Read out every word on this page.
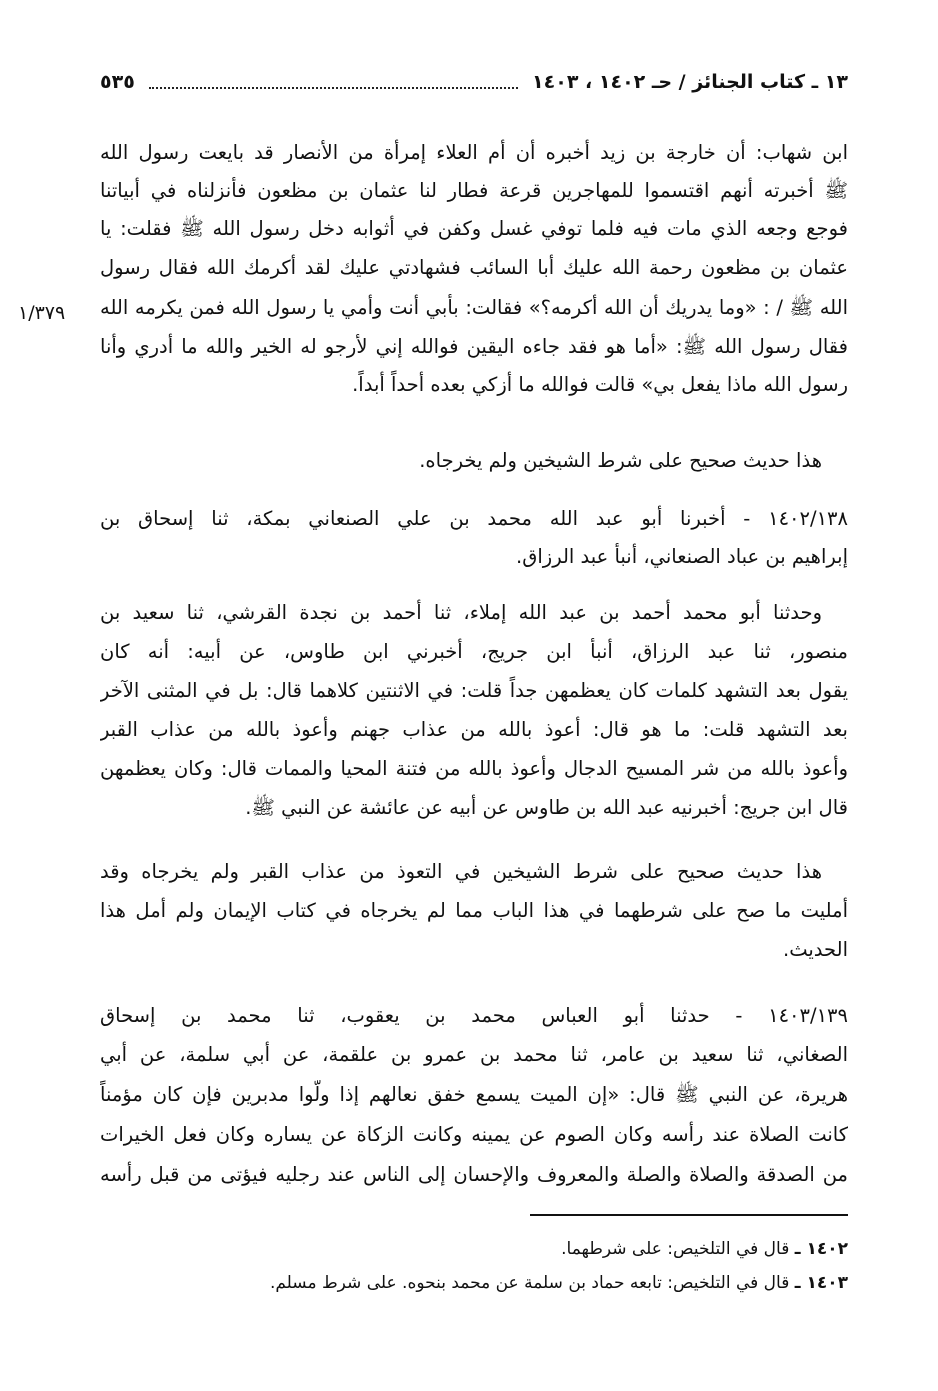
١٣ ـ كتاب الجنائز / حـ ١٤٠٢ ، ١٤٠٣
٥٣٥
١/٣٧٩
ابن شهاب: أن خارجة بن زيد أخبره أن أم العلاء إمرأة من الأنصار قد بايعت رسول الله
ﷺ أخبرته أنهم اقتسموا للمهاجرين قرعة فطار لنا عثمان بن مظعون فأنزلناه في أبياتنا
فوجع وجعه الذي مات فيه فلما توفي غسل وكفن في أثوابه دخل رسول الله ﷺ فقلت: يا
عثمان بن مظعون رحمة الله عليك أبا السائب فشهادتي عليك لقد أكرمك الله فقال رسول
الله ﷺ / : «وما يدريك أن الله أكرمه؟» فقالت: بأبي أنت وأمي يا رسول الله فمن يكرمه الله
فقال رسول الله ﷺ: «أما هو فقد جاءه اليقين فوالله إني لأرجو له الخير والله ما أدري وأنا
رسول الله ماذا يفعل بي» قالت فوالله ما أزكي بعده أحداً أبداً.
هذا حديث صحيح على شرط الشيخين ولم يخرجاه.
١٤٠٢/١٣٨ - أخبرنا أبو عبد الله محمد بن علي الصنعاني بمكة، ثنا إسحاق بن
إبراهيم بن عباد الصنعاني، أنبأ عبد الرزاق.
وحدثنا أبو محمد أحمد بن عبد الله إملاء، ثنا أحمد بن نجدة القرشي، ثنا سعيد بن
منصور، ثنا عبد الرزاق، أنبأ ابن جريج، أخبرني ابن طاوس، عن أبيه: أنه كان
يقول بعد التشهد كلمات كان يعظمهن جداً قلت: في الاثنتين كلاهما قال: بل في المثنى الآخر
بعد التشهد قلت: ما هو قال: أعوذ بالله من عذاب جهنم وأعوذ بالله من عذاب القبر
وأعوذ بالله من شر المسيح الدجال وأعوذ بالله من فتنة المحيا والممات قال: وكان يعظمهن
قال ابن جريج: أخبرنيه عبد الله بن طاوس عن أبيه عن عائشة عن النبي ﷺ.
هذا حديث صحيح على شرط الشيخين في التعوذ من عذاب القبر ولم يخرجاه وقد
أمليت ما صح على شرطهما في هذا الباب مما لم يخرجاه في كتاب الإيمان ولم أمل هذا
الحديث.
١٤٠٣/١٣٩ - حدثنا أبو العباس محمد بن يعقوب، ثنا محمد بن إسحاق
الصغاني، ثنا سعيد بن عامر، ثنا محمد بن عمرو بن علقمة، عن أبي سلمة، عن أبي
هريرة، عن النبي ﷺ قال: «إن الميت يسمع خفق نعالهم إذا ولّوا مدبرين فإن كان مؤمناً
كانت الصلاة عند رأسه وكان الصوم عن يمينه وكانت الزكاة عن يساره وكان فعل الخيرات
من الصدقة والصلاة والصلة والمعروف والإحسان إلى الناس عند رجليه فيؤتى من قبل رأسه
١٤٠٢ ـ قال في التلخيص: على شرطهما.
١٤٠٣ ـ قال في التلخيص: تابعه حماد بن سلمة عن محمد بنحوه. على شرط مسلم.
